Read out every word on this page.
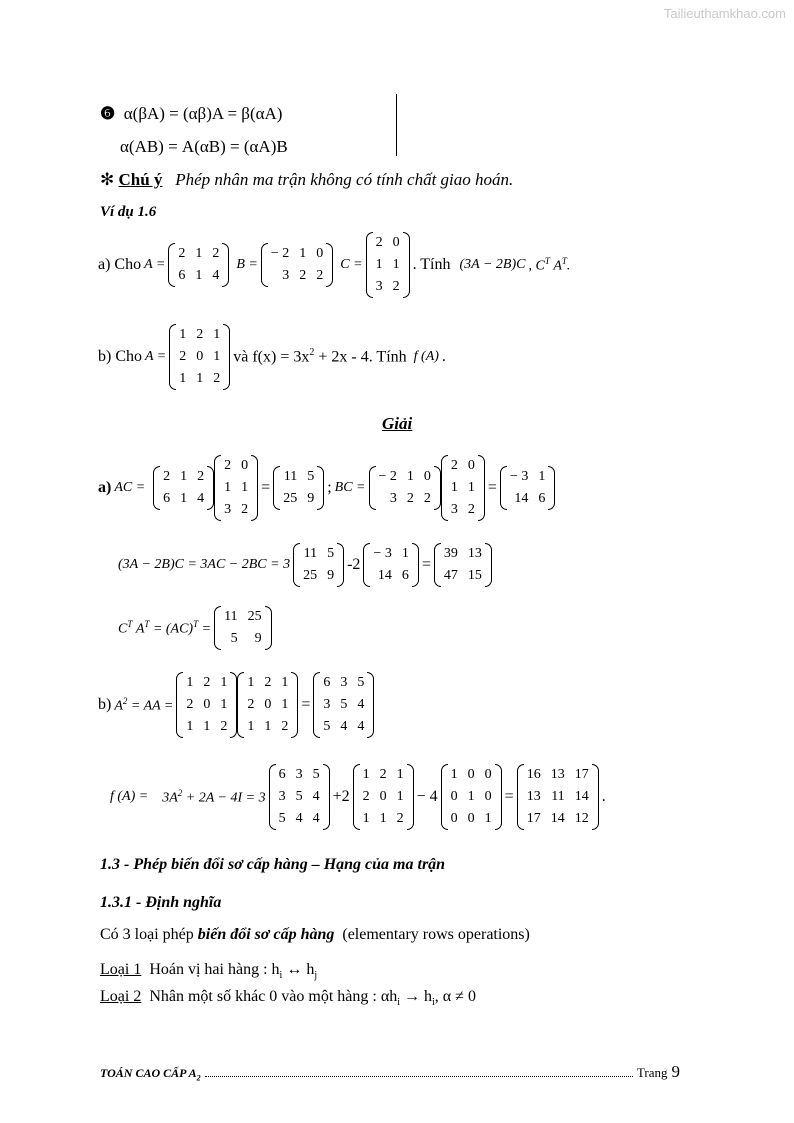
Tailieuthamkhao.com
❻ α(βA) = (αβ)A = β(αA)
α(AB) = A(αB) = (αA)B
✻ Chú ý Phép nhân ma trận không có tính chất giao hoán.
Ví dụ 1.6
a) Cho A =
2	1	2
6	1	4
B =
− 2	1	0
3	2	2
C =
2	0
1	1
3	2
. Tính (3A − 2B)C , $C^T$ $A^T$.
b) Cho A =
1	2	1
2	0	1
1	1	2
và $f(x) = 3x^2 + 2x - 4$. Tính f (A) .
Giải
a) AC =
2	1	2
6	1	4
2	0
1	1
3	2
=
11	5
25	9
; BC =
− 2	1	0
3	2	2
2	0
1	1
3	2
=
− 3	1
14	6
(3A − 2B)C = 3AC − 2BC = 3
11	5
25	9
-2
− 3	1
14	6
=
39	13
47	15
$C^T$ $A^T = (AC)^T$ =
11	25
5	9
b) $A^2$ = AA =
1	2	1
2	0	1
1	1	2
1	2	1
2	0	1
1	1	2
=
6	3	5
3	5	4
5	4	4
f $(A) = 3A^2 + 2A - 4I = 3$
6	3	5
3	5	4
5	4	4
+2
1	2	1
2	0	1
1	1	2
− 4
1	0	0
0	1	0
0	0	1
=
16	13	17
13	11	14
17	14	12
.
1.3 - Phép biến đổi sơ cấp hàng – Hạng của ma trận
1.3.1 - Định nghĩa
Có 3 loại phép biến đổi sơ cấp hàng (elementary rows operations)
Loại 1 Hoán vị hai hàng : $h_i$ ↔ $h_j$
Loại 2 Nhân một số khác 0 vào một hàng : $\alpha h_i \to h_i$, α ≠ 0
TOÁN CAO CẤP $A_2$	Trang
9
